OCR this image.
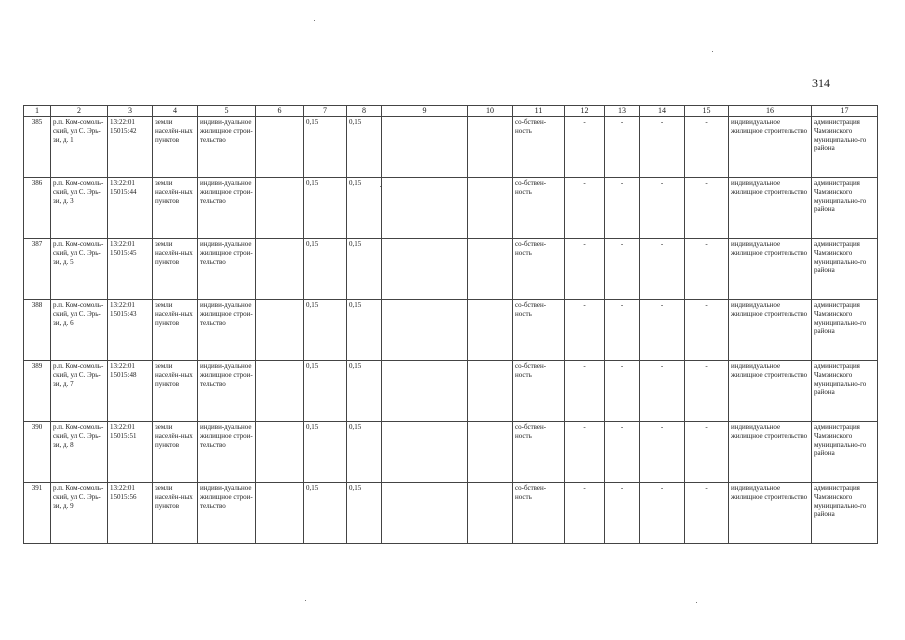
314
1	2	3	4	5	6	7	8	9	10	11	12	13	14	15	16	17
385	р.п. Ком-сомоль-ский, ул С. Эрь-зи, д. 1	13:22:01 15015:42	земли населён-ных пунктов	индиви-дуальное жилищное строи-тельство		0,15	0,15			со-бствен-ность	-	-	-	-	индивидуальное жилищное строительство	администрация Чамзинского муниципально-го района
386	р.п. Ком-сомоль-ский, ул С. Эрь-зи, д. 3	13:22:01 15015:44	земли населён-ных пунктов	индиви-дуальное жилищное строи-тельство		0,15	0,15			со-бствен-ность	-	-	-	-	индивидуальное жилищное строительство	администрация Чамзинского муниципально-го района
387	р.п. Ком-сомоль-ский, ул С. Эрь-зи, д. 5	13:22:01 15015:45	земли населён-ных пунктов	индиви-дуальное жилищное строи-тельство		0,15	0,15			со-бствен-ность	-	-	-	-	индивидуальное жилищное строительство	администрация Чамзинского муниципально-го района
388	р.п. Ком-сомоль-ский, ул С. Эрь-зи, д. 6	13:22:01 15015:43	земли населён-ных пунктов	индиви-дуальное жилищное строи-тельство		0,15	0,15			со-бствен-ность	-	-	-	-	индивидуальное жилищное строительство	администрация Чамзинского муниципально-го района
389	р.п. Ком-сомоль-ский, ул С. Эрь-зи, д. 7	13:22:01 15015:48	земли населён-ных пунктов	индиви-дуальное жилищное строи-тельство		0,15	0,15			со-бствен-ность	-	-	-	-	индивидуальное жилищное строительство	администрация Чамзинского муниципально-го района
390	р.п. Ком-сомоль-ский, ул С. Эрь-зи, д. 8	13:22:01 15015:51	земли населён-ных пунктов	индиви-дуальное жилищное строи-тельство		0,15	0,15			со-бствен-ность	-	-	-	-	индивидуальное жилищное строительство	администрация Чамзинского муниципально-го района
391	р.п. Ком-сомоль-ский, ул С. Эрь-зи, д. 9	13:22:01 15015:56	земли населён-ных пунктов	индиви-дуальное жилищное строи-тельство		0,15	0,15			со-бствен-ность	-	-	-	-	индивидуальное жилищное строительство	администрация Чамзинского муниципально-го района
